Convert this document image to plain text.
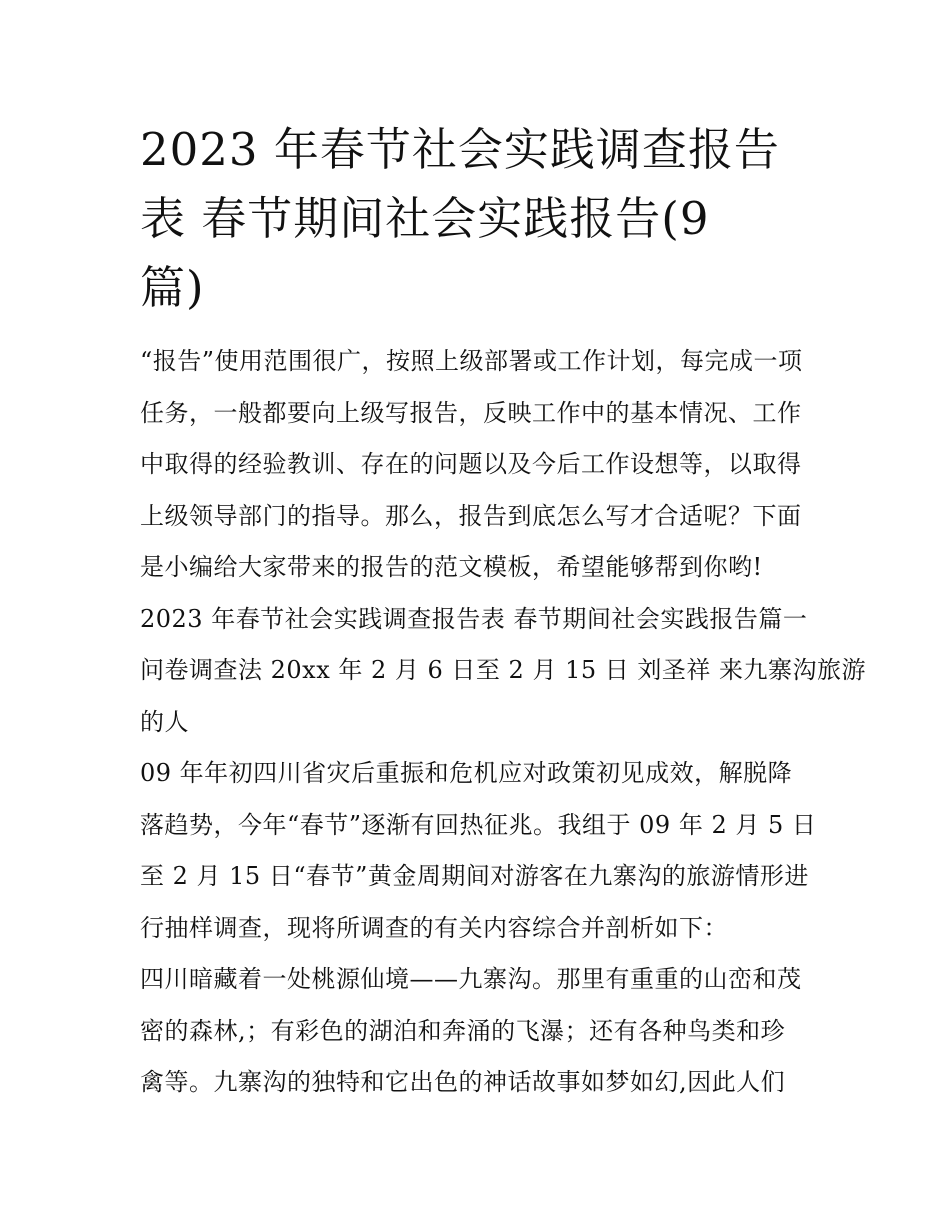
2023 年春节社会实践调查报告
表 春节期间社会实践报告(9
篇)
“报告”使用范围很广，按照上级部署或工作计划，每完成一项
任务，一般都要向上级写报告，反映工作中的基本情况、工作
中取得的经验教训、存在的问题以及今后工作设想等，以取得
上级领导部门的指导。那么，报告到底怎么写才合适呢？下面
是小编给大家带来的报告的范文模板，希望能够帮到你哟!
2023 年春节社会实践调查报告表 春节期间社会实践报告篇一
问卷调查法 20xx 年 2 月 6 日至 2 月 15 日 刘圣祥 来九寨沟旅游
的人
09 年年初四川省灾后重振和危机应对政策初见成效，解脱降
落趋势，今年“春节”逐渐有回热征兆。我组于 09 年 2 月 5 日
至 2 月 15 日“春节”黄金周期间对游客在九寨沟的旅游情形进
行抽样调查，现将所调查的有关内容综合并剖析如下：
四川暗藏着一处桃源仙境——九寨沟。那里有重重的山峦和茂
密的森林,；有彩色的湖泊和奔涌的飞瀑；还有各种鸟类和珍
禽等。九寨沟的独特和它出色的神话故事如梦如幻,因此人们
